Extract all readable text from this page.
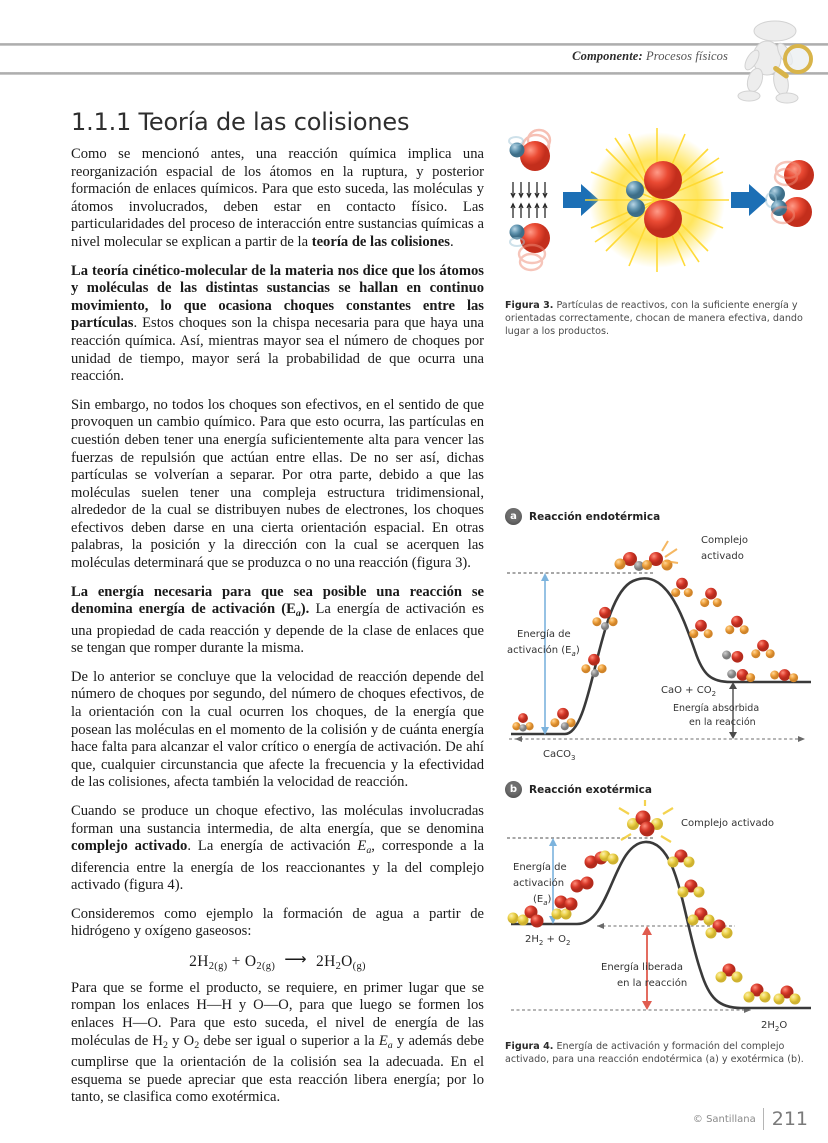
Componente: Procesos físicos
1.1.1 Teoría de las colisiones

Como se mencionó antes, una reacción química implica una reorganización espacial de los átomos en la ruptura, y posterior formación de enlaces químicos. Para que esto suceda, las moléculas y átomos involucrados, deben estar en contacto físico. Las particularidades del proceso de interacción entre sustancias químicas a nivel molecular se explican a partir de la teoría de las colisiones.

La teoría cinético-molecular de la materia nos dice que los átomos y moléculas de las distintas sustancias se hallan en continuo movimiento, lo que ocasiona choques constantes entre las partículas. Estos choques son la chispa necesaria para que haya una reacción química. Así, mientras mayor sea el número de choques por unidad de tiempo, mayor será la probabilidad de que ocurra una reacción.

Sin embargo, no todos los choques son efectivos, en el sentido de que provoquen un cambio químico. Para que esto ocurra, las partículas en cuestión deben tener una energía suficientemente alta para vencer las fuerzas de repulsión que actúan entre ellas. De no ser así, dichas partículas se volverían a separar. Por otra parte, debido a que las moléculas suelen tener una compleja estructura tridimensional, alrededor de la cual se distribuyen nubes de electrones, los choques efectivos deben darse en una cierta orientación espacial. En otras palabras, la posición y la dirección con la cual se acerquen las moléculas determinará que se produzca o no una reacción (figura 3).

La energía necesaria para que sea posible una reacción se denomina energía de activación $(E_a)$. La energía de activación es una propiedad de cada reacción y depende de la clase de enlaces que se tengan que romper durante la misma.

De lo anterior se concluye que la velocidad de reacción depende del número de choques por segundo, del número de choques efectivos, de la orientación con la cual ocurren los choques, de la energía que posean las moléculas en el momento de la colisión y de cuánta energía hace falta para alcanzar el valor crítico o energía de activación. De ahí que, cualquier circunstancia que afecte la frecuencia y la efectividad de las colisiones, afecta también la velocidad de reacción.

Cuando se produce un choque efectivo, las moléculas involucradas forman una sustancia intermedia, de alta energía, que se denomina complejo activado. La energía de activación $E_a$, corresponde a la diferencia entre la energía de los reaccionantes y la del complejo activado (figura 4).

Consideremos como ejemplo la formación de agua a partir de hidrógeno y oxígeno gaseosos:

$2H_{2(g)} + O_{2(g)}$ ⟶ $2H_2O_{(g)}$

Para que se forme el producto, se requiere, en primer lugar que se rompan los enlaces H—H y O—O, para que luego se formen los enlaces H—O. Para que esto suceda, el nivel de energía de las moléculas de $H_2$ y $O_2$ debe ser igual o superior a la $E_a$ y además debe cumplirse que la orientación de la colisión sea la adecuada. En el esquema se puede apreciar que esta reacción libera energía; por lo tanto, se clasifica como exotérmica.

Figura 3. Partículas de reactivos, con la suficiente energía y orientadas correctamente, chocan de manera efectiva, dando lugar a los productos.

a	Reacción endotérmica
Complejo
activado
Energía de
activación $(E_a)$
CaO + $CO_2$
Energía absorbida
en la reacción
CaCO$_3$
b	Reacción exotérmica
Complejo activado
Energía de
activación
$(E_a)$
$2H_2 + O_2$
Energía liberada
en la reacción
$2H_2O$

Figura 4. Energía de activación y formación del complejo activado, para una reacción endotérmica (a) y exotérmica (b).

© Santillana 211
